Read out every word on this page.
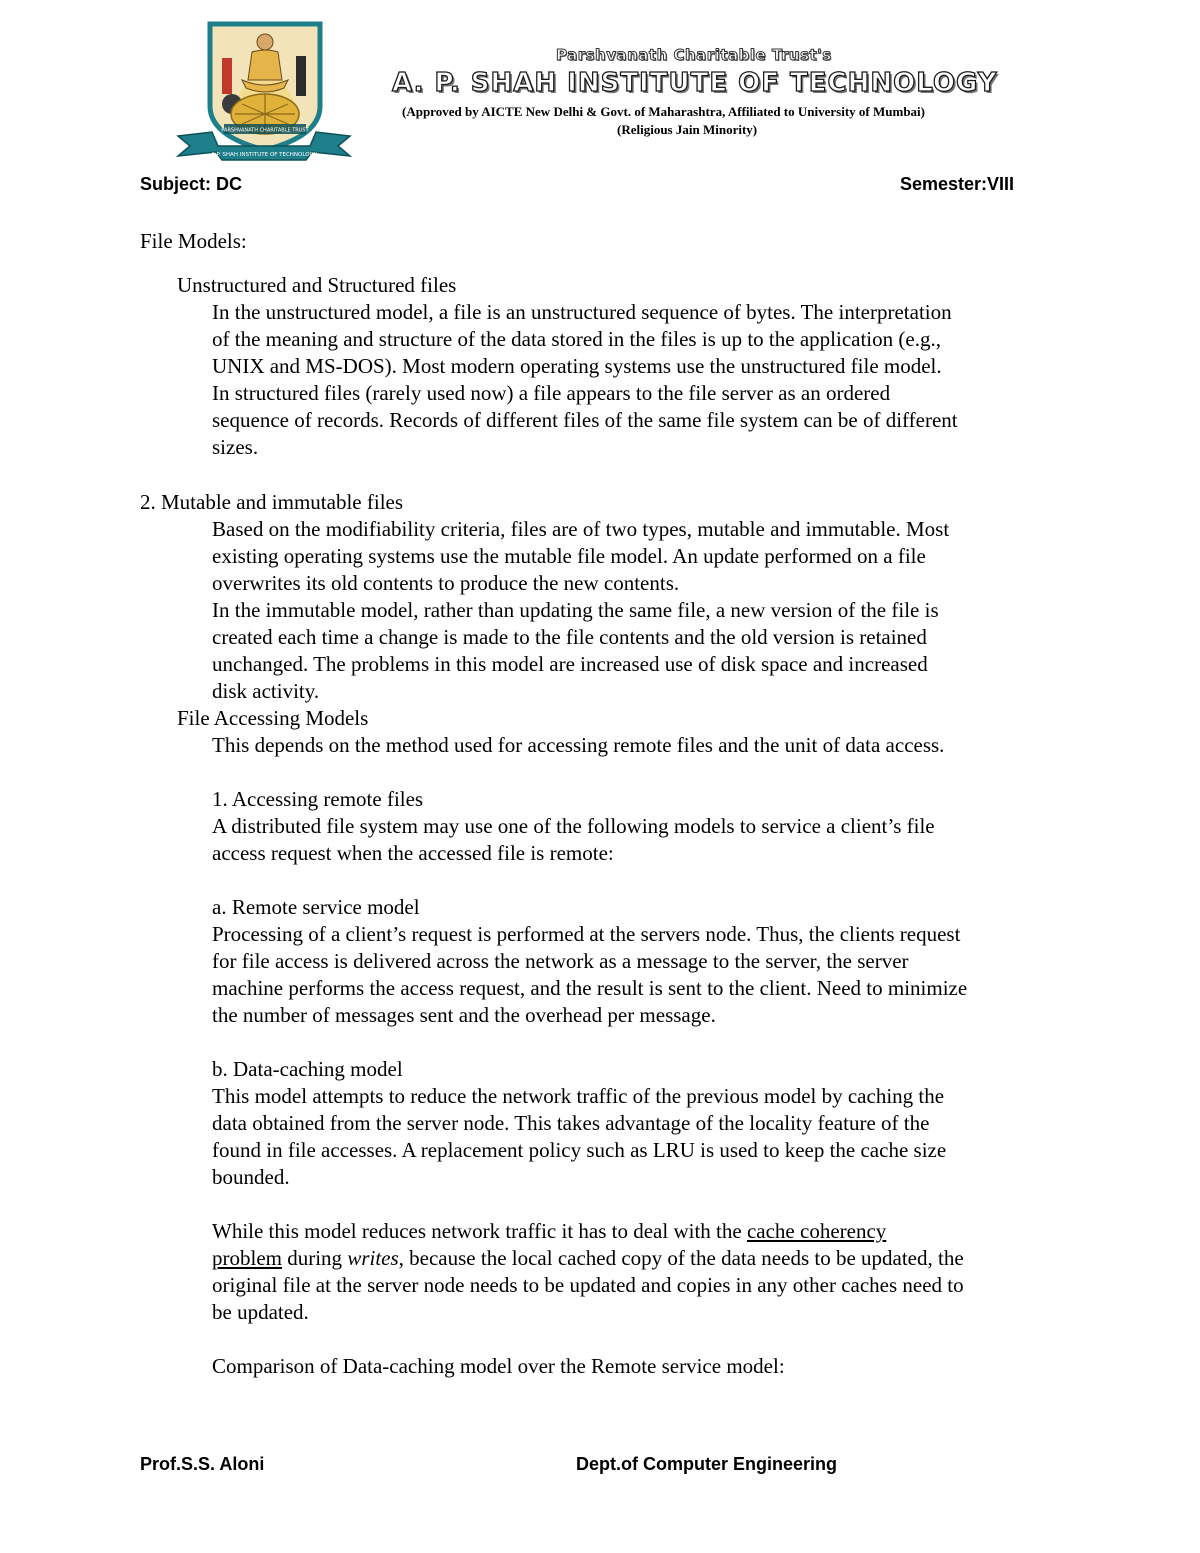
A.P. SHAH INSTITUTE OF TECHNOLOGY
PARSHVANATH CHARITABLE TRUST
Parshvanath Charitable Trust's
A. P. SHAH INSTITUTE OF TECHNOLOGY
(Approved by AICTE New Delhi & Govt. of Maharashtra, Affiliated to University of Mumbai)
(Religious Jain Minority)
Subject: DC	Semester:VIII
File Models:
Unstructured and Structured files
In the unstructured model, a file is an unstructured sequence of bytes. The interpretation
of the meaning and structure of the data stored in the files is up to the application (e.g.,
UNIX and MS-DOS). Most modern operating systems use the unstructured file model.
In structured files (rarely used now) a file appears to the file server as an ordered
sequence of records. Records of different files of the same file system can be of different
sizes.
2. Mutable and immutable files
Based on the modifiability criteria, files are of two types, mutable and immutable. Most
existing operating systems use the mutable file model. An update performed on a file
overwrites its old contents to produce the new contents.
In the immutable model, rather than updating the same file, a new version of the file is
created each time a change is made to the file contents and the old version is retained
unchanged. The problems in this model are increased use of disk space and increased
disk activity.
File Accessing Models
This depends on the method used for accessing remote files and the unit of data access.
1. Accessing remote files
A distributed file system may use one of the following models to service a client’s file
access request when the accessed file is remote:
a. Remote service model
Processing of a client’s request is performed at the servers node. Thus, the clients request
for file access is delivered across the network as a message to the server, the server
machine performs the access request, and the result is sent to the client. Need to minimize
the number of messages sent and the overhead per message.
b. Data-caching model
This model attempts to reduce the network traffic of the previous model by caching the
data obtained from the server node. This takes advantage of the locality feature of the
found in file accesses. A replacement policy such as LRU is used to keep the cache size
bounded.
While this model reduces network traffic it has to deal with the cache coherency
problem during writes, because the local cached copy of the data needs to be updated, the
original file at the server node needs to be updated and copies in any other caches need to
be updated.
Comparison of Data-caching model over the Remote service model:
Prof.S.S. Aloni	Dept.of Computer Engineering
